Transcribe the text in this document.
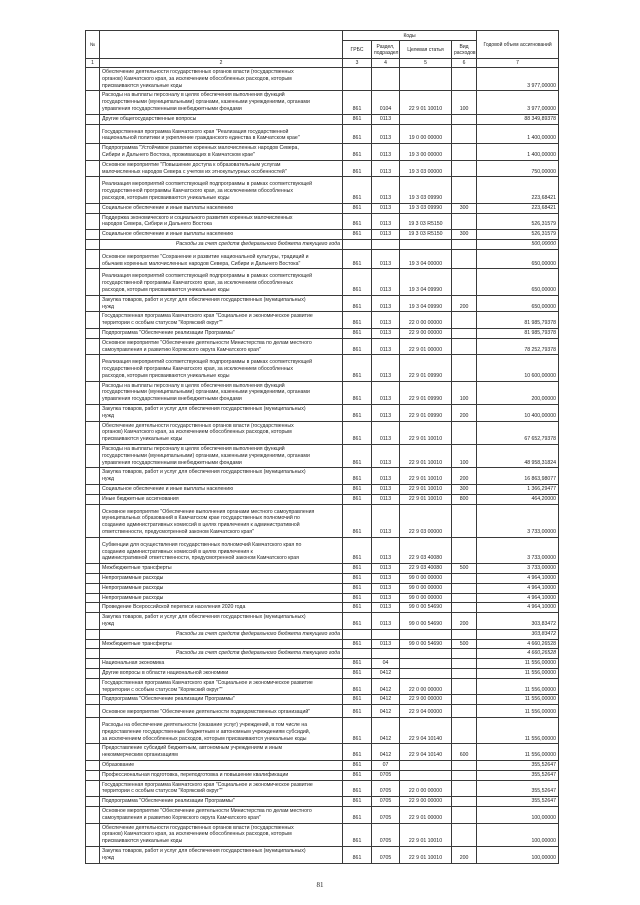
№		Коды				Годовой объем ассигнований
		ГРБС	Раздел, подраздел	Целевая статья	Вид расходов	
1	2	3	4	5	6	7
	Обеспечение деятельности государственных органов власти (государственных
органов) Камчатского края, за исключением обособленных расходов, которым
присваиваются уникальные коды					3 977,00000
	Расходы на выплаты персоналу в целях обеспечения выполнения функций
государственными (муниципальными) органами, казенными учреждениями, органами
управления государственными внебюджетными фондами	861	0104	22 9 01 10010	100	3 977,00000
	Другие общегосударственные вопросы	861	0113			88 349,89378
	Государственная программа Камчатского края "Реализация государственной
национальной политики и укрепление гражданского единства в Камчатском крае"	861	0113	19 0 00 00000		1 400,00000
	Подпрограмма "Устойчивое развитие коренных малочисленных народов Севера,
Сибири и Дальнего Востока, проживающих в Камчатском крае"	861	0113	19 3 00 00000		1 400,00000
	Основное мероприятие "Повышение доступа к образовательным услугам
малочисленных народов Севера с учетом их этнокультурных особенностей"	861	0113	19 3 03 00000		750,00000
	Реализация мероприятий соответствующей подпрограммы в рамках соответствующей
государственной программы Камчатского края, за исключением обособленных
расходов, которым присваиваются уникальные коды	861	0113	19 3 03 09990		223,68421
	Социальное обеспечение и иные выплаты населению	861	0113	19 3 03 09990	300	223,68421
	Поддержка экономического и социального развития коренных малочисленных
народов Севера, Сибири и Дальнего Востока	861	0113	19 3 03 R5150		526,31579
	Социальное обеспечение и иные выплаты населению	861	0113	19 3 03 R5150	300	526,31579
	Расходы за счет средств федерального бюджета текущего года					500,00000
	Основное мероприятие "Сохранение и развитие национальной культуры, традиций и
обычаев коренных малочисленных народов Севера, Сибири и Дальнего Востока"	861	0113	19 3 04 00000		650,00000
	Реализация мероприятий соответствующей подпрограммы в рамках соответствующей
государственной программы Камчатского края, за исключением обособленных
расходов, которым присваиваются уникальные коды	861	0113	19 3 04 09990		650,00000
	Закупка товаров, работ и услуг для обеспечения государственных (муниципальных)
нужд	861	0113	19 3 04 09990	200	650,00000
	Государственная программа Камчатского края "Социальное и экономическое развитие
территории с особым статусом "Корякский округ""	861	0113	22 0 00 00000		81 985,79378
	Подпрограмма "Обеспечение реализации Программы"	861	0113	22 9 00 00000		81 985,79378
	Основное мероприятие "Обеспечение деятельности Министерства по делам местного
самоуправления и развитию Корякского округа Камчатского края"	861	0113	22 9 01 00000		78 252,79378
	Реализация мероприятий соответствующей подпрограммы в рамках соответствующей
государственной программы Камчатского края, за исключением обособленных
расходов, которым присваиваются уникальные коды	861	0113	22 9 01 09990		10 600,00000
	Расходы на выплаты персоналу в целях обеспечения выполнения функций
государственными (муниципальными) органами, казенными учреждениями, органами
управления государственными внебюджетными фондами	861	0113	22 9 01 09990	100	200,00000
	Закупка товаров, работ и услуг для обеспечения государственных (муниципальных)
нужд	861	0113	22 9 01 09990	200	10 400,00000
	Обеспечение деятельности государственных органов власти (государственных
органов) Камчатского края, за исключением обособленных расходов, которым
присваиваются уникальные коды	861	0113	22 9 01 10010		67 652,79378
	Расходы на выплаты персоналу в целях обеспечения выполнения функций
государственными (муниципальными) органами, казенными учреждениями, органами
управления государственными внебюджетными фондами	861	0113	22 9 01 10010	100	48 958,31824
	Закупка товаров, работ и услуг для обеспечения государственных (муниципальных)
нужд	861	0113	22 9 01 10010	200	16 863,98077
	Социальное обеспечение и иные выплаты населению	861	0113	22 9 01 10010	300	1 366,29477
	Иные бюджетные ассигнования	861	0113	22 9 01 10010	800	464,20000
	Основное мероприятие "Обеспечение выполнения органами местного самоуправления
муниципальных образований в Камчатском крае государственных полномочий по
созданию административных комиссий в целях привлечения к административной
ответственности, предусмотренной законом Камчатского края"	861	0113	22 9 03 00000		3 733,00000
	Субвенции для осуществления государственных полномочий Камчатского края по
созданию административных комиссий в целях привлечения к
административной ответственности, предусмотренной законом Камчатского края	861	0113	22 9 03 40080		3 733,00000
	Межбюджетные трансферты	861	0113	22 9 03 40080	500	3 733,00000
	Непрограммные расходы	861	0113	99 0 00 00000		4 964,10000
	Непрограммные расходы	861	0113	99 0 00 00000		4 964,10000
	Непрограммные расходы	861	0113	99 0 00 00000		4 964,10000
	Проведение Всероссийской переписи населения 2020 года	861	0113	99 0 00 54690		4 964,10000
	Закупка товаров, работ и услуг для обеспечения государственных (муниципальных)
нужд	861	0113	99 0 00 54690	200	303,83472
	Расходы за счет средств федерального бюджета текущего года					303,83472
	Межбюджетные трансферты	861	0113	99 0 00 54690	500	4 660,26528
	Расходы за счет средств федерального бюджета текущего года					4 660,26528
	Национальная экономика	861	04			11 556,00000
	Другие вопросы в области национальной экономики	861	0412			11 556,00000
	Государственная программа Камчатского края "Социальное и экономическое развитие
территории с особым статусом "Корякский округ""	861	0412	22 0 00 00000		11 556,00000
	Подпрограмма "Обеспечение реализации Программы"	861	0412	22 9 00 00000		11 556,00000
	Основное мероприятие "Обеспечение деятельности подведомственных организаций"	861	0412	22 9 04 00000		11 556,00000
	Расходы на обеспечение деятельности (оказание услуг) учреждений, в том числе на
предоставление государственным бюджетным и автономным учреждениям субсидий,
за исключением обособленных расходов, которым присваиваются уникальные коды	861	0412	22 9 04 10140		11 556,00000
	Предоставление субсидий бюджетным, автономным учреждениям и иным
некоммерческим организациям	861	0412	22 9 04 10140	600	11 556,00000
	Образование	861	07			355,52647
	Профессиональная подготовка, переподготовка и повышение квалификации	861	0705			355,52647
	Государственная программа Камчатского края "Социальное и экономическое развитие
территории с особым статусом "Корякский округ""	861	0705	22 0 00 00000		355,52647
	Подпрограмма "Обеспечение реализации Программы"	861	0705	22 9 00 00000		355,52647
	Основное мероприятие "Обеспечение деятельности Министерства по делам местного
самоуправления и развитию Корякского округа Камчатского края"	861	0705	22 9 01 00000		100,00000
	Обеспечение деятельности государственных органов власти (государственных
органов) Камчатского края, за исключением обособленных расходов, которым
присваиваются уникальные коды	861	0705	22 9 01 10010		100,00000
	Закупка товаров, работ и услуг для обеспечения государственных (муниципальных)
нужд	861	0705	22 9 01 10010	200	100,00000
81
